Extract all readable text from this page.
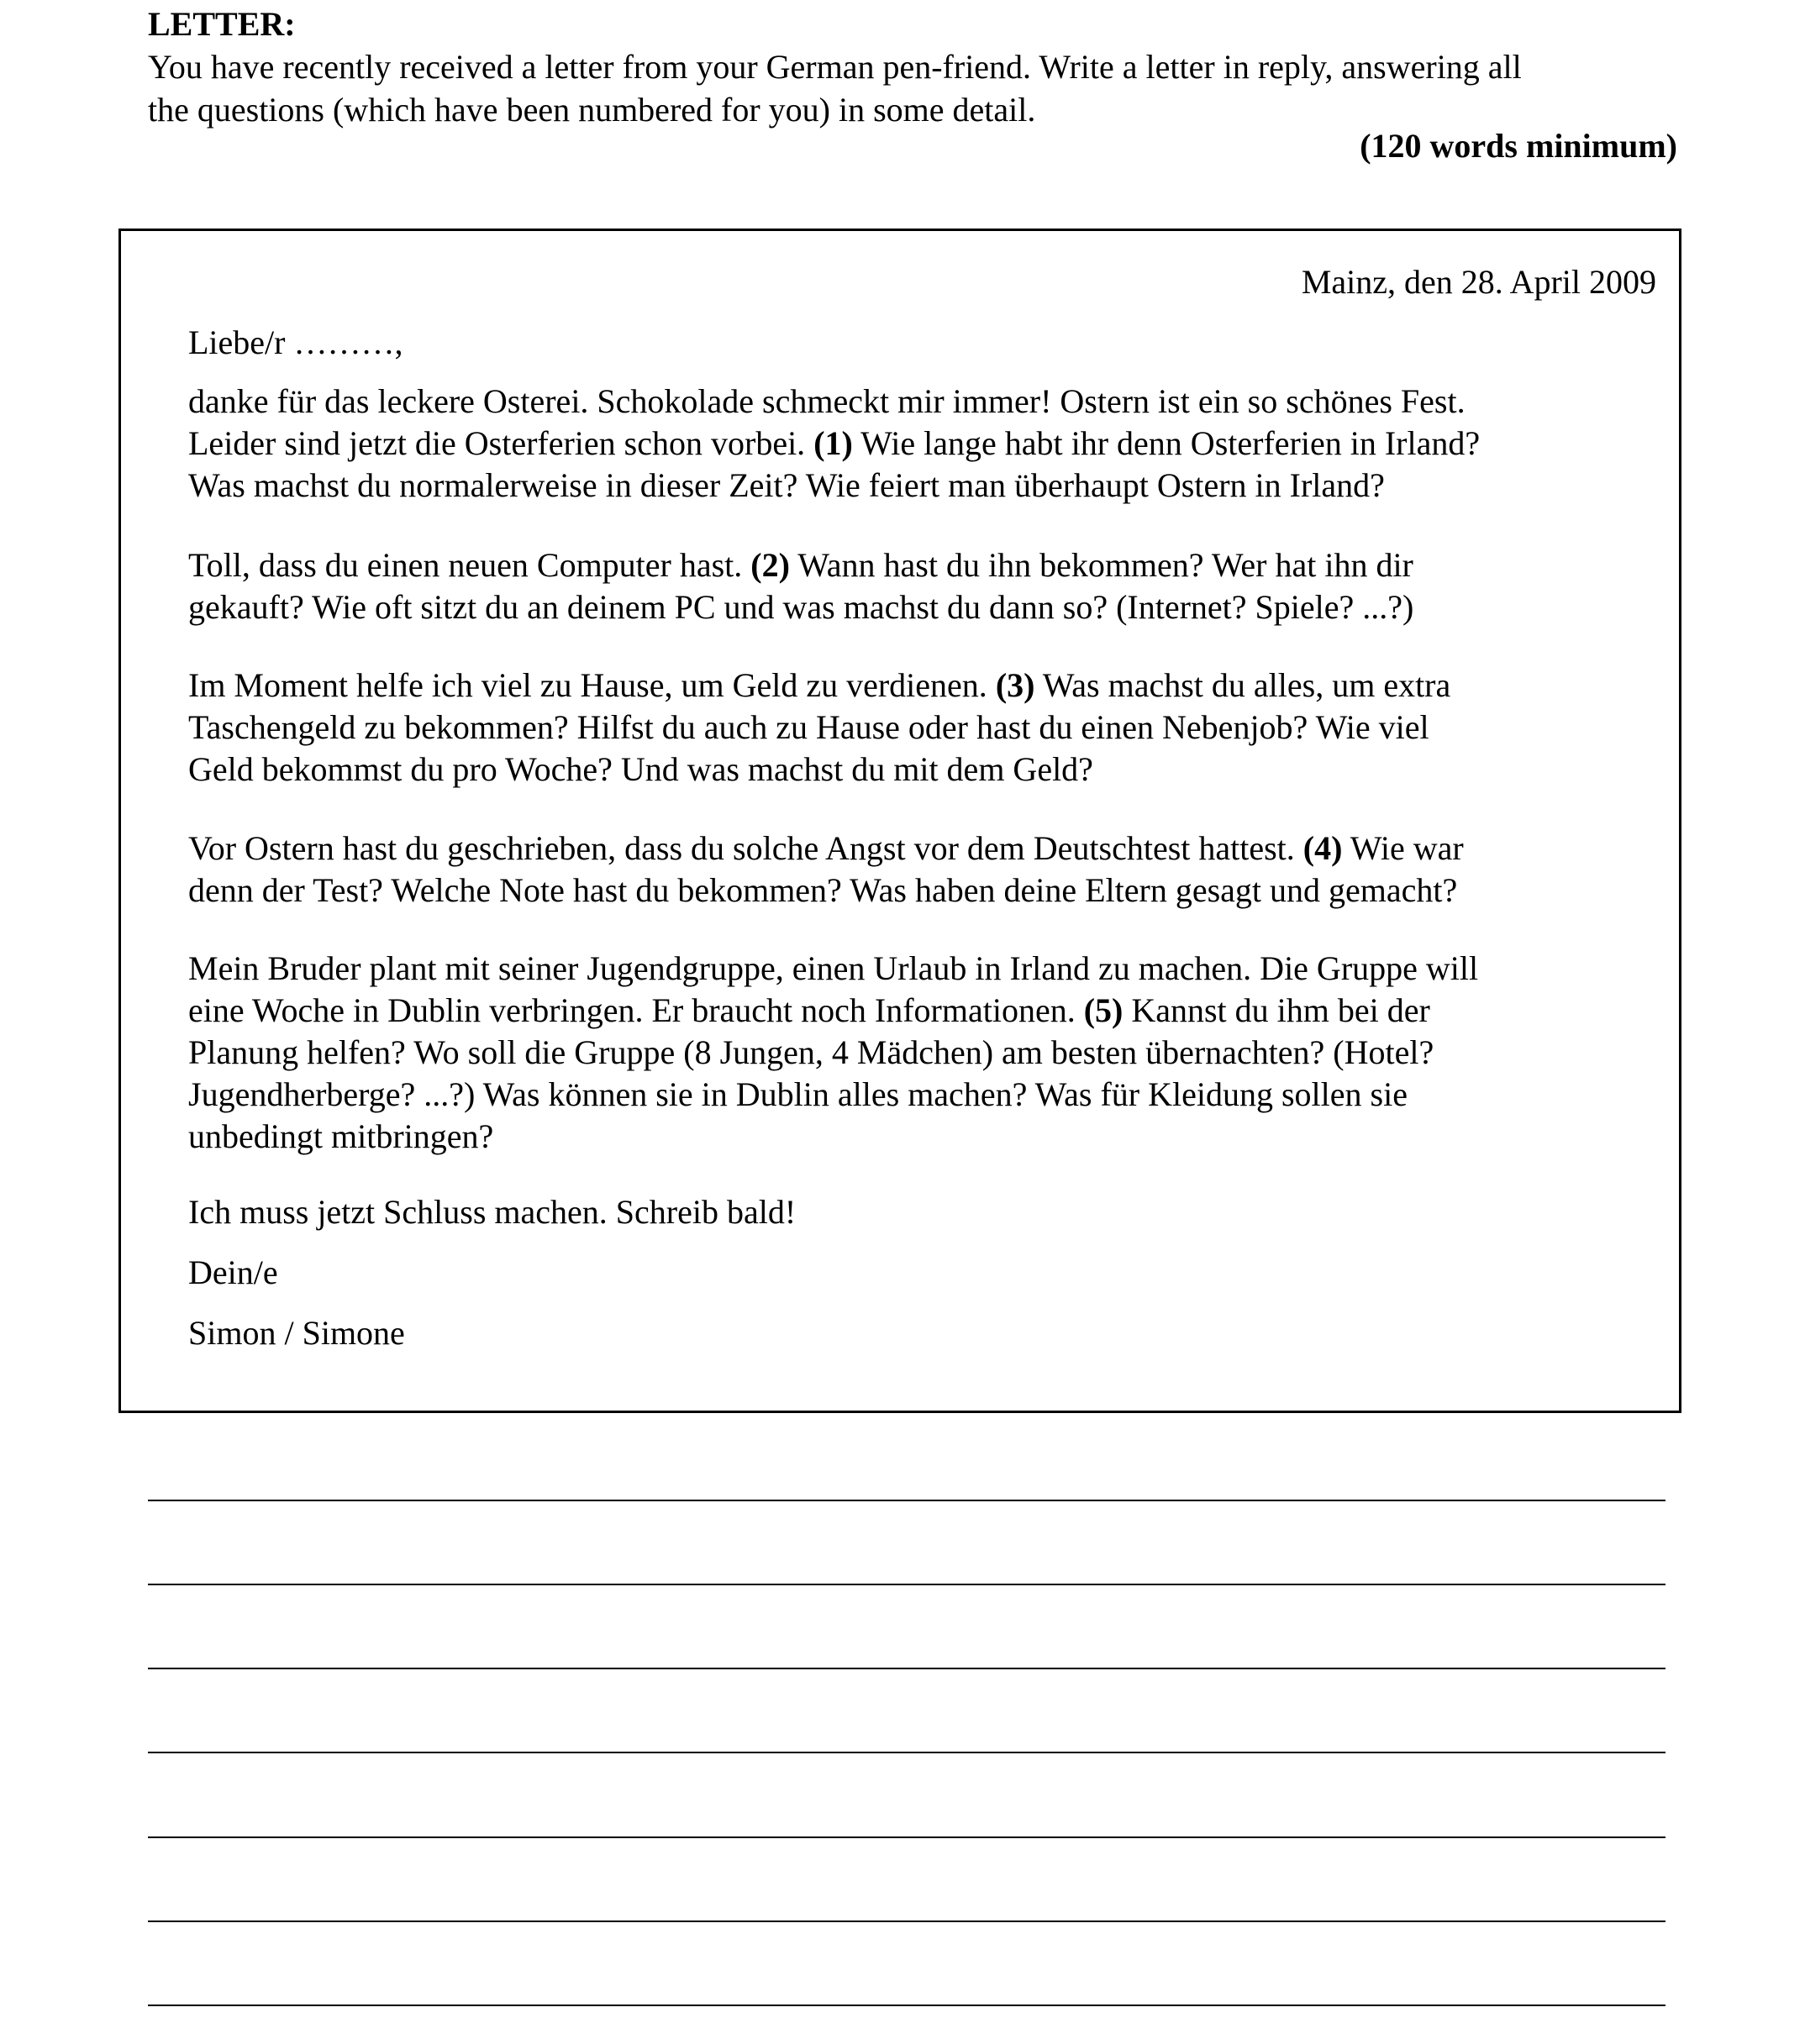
LETTER:

You have recently received a letter from your German pen-friend. Write a letter in reply, answering all

the questions (which have been numbered for you) in some detail.

(120 words minimum)
Mainz, den 28. April 2009
Liebe/r ………,

danke für das leckere Osterei. Schokolade schmeckt mir immer! Ostern ist ein so schönes Fest.

Leider sind jetzt die Osterferien schon vorbei. (1) Wie lange habt ihr denn Osterferien in Irland?

Was machst du normalerweise in dieser Zeit? Wie feiert man überhaupt Ostern in Irland?

Toll, dass du einen neuen Computer hast. (2) Wann hast du ihn bekommen? Wer hat ihn dir

gekauft? Wie oft sitzt du an deinem PC und was machst du dann so? (Internet? Spiele? ...?)

Im Moment helfe ich viel zu Hause, um Geld zu verdienen. (3) Was machst du alles, um extra

Taschengeld zu bekommen? Hilfst du auch zu Hause oder hast du einen Nebenjob? Wie viel

Geld bekommst du pro Woche? Und was machst du mit dem Geld?

Vor Ostern hast du geschrieben, dass du solche Angst vor dem Deutschtest hattest. (4) Wie war

denn der Test? Welche Note hast du bekommen? Was haben deine Eltern gesagt und gemacht?

Mein Bruder plant mit seiner Jugendgruppe, einen Urlaub in Irland zu machen. Die Gruppe will

eine Woche in Dublin verbringen. Er braucht noch Informationen. (5) Kannst du ihm bei der

Planung helfen? Wo soll die Gruppe (8 Jungen, 4 Mädchen) am besten übernachten? (Hotel?

Jugendherberge? ...?) Was können sie in Dublin alles machen? Was für Kleidung sollen sie

unbedingt mitbringen?

Ich muss jetzt Schluss machen. Schreib bald!
Dein/e
Simon / Simone
